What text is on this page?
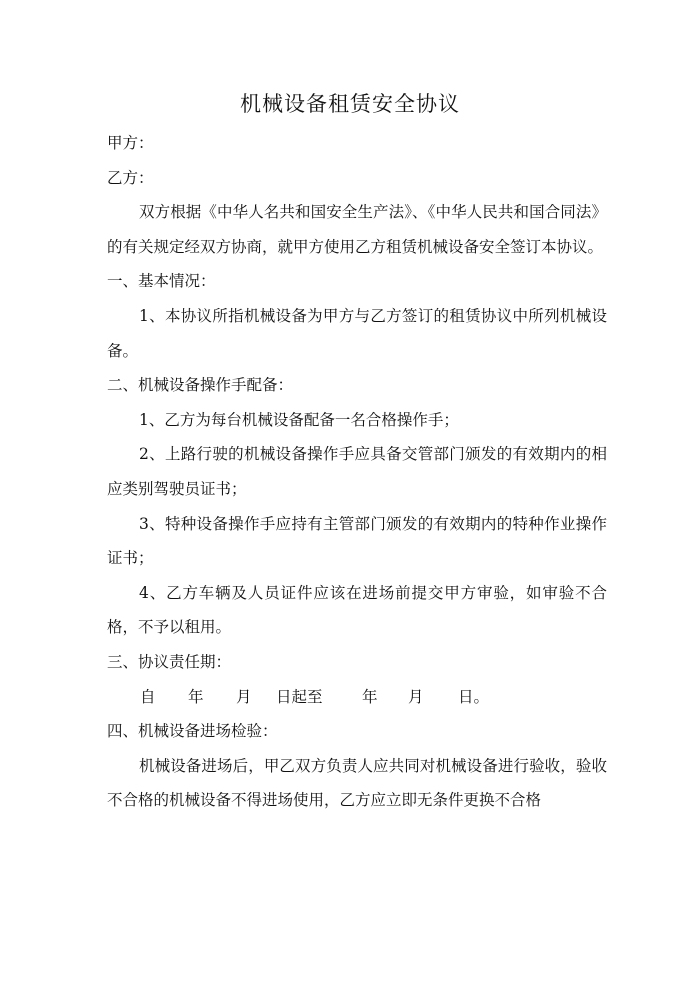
机械设备租赁安全协议

甲方：

乙方：

双方根据《中华人名共和国安全生产法》、《中华人民共和国合同法》的有关规定经双方协商，就甲方使用乙方租赁机械设备安全签订本协议。

一、基本情况：

1、本协议所指机械设备为甲方与乙方签订的租赁协议中所列机械设备。

二、机械设备操作手配备：

1、乙方为每台机械设备配备一名合格操作手；

2、上路行驶的机械设备操作手应具备交管部门颁发的有效期内的相应类别驾驶员证书；

3、特种设备操作手应持有主管部门颁发的有效期内的特种作业操作证书；

4、乙方车辆及人员证件应该在进场前提交甲方审验，如审验不合格，不予以租用。

三、协议责任期：

自 年 月 日起至	年 月 日。

四、机械设备进场检验：

机械设备进场后，甲乙双方负责人应共同对机械设备进行验收，验收不合格的机械设备不得进场使用，乙方应立即无条件更换不合格
